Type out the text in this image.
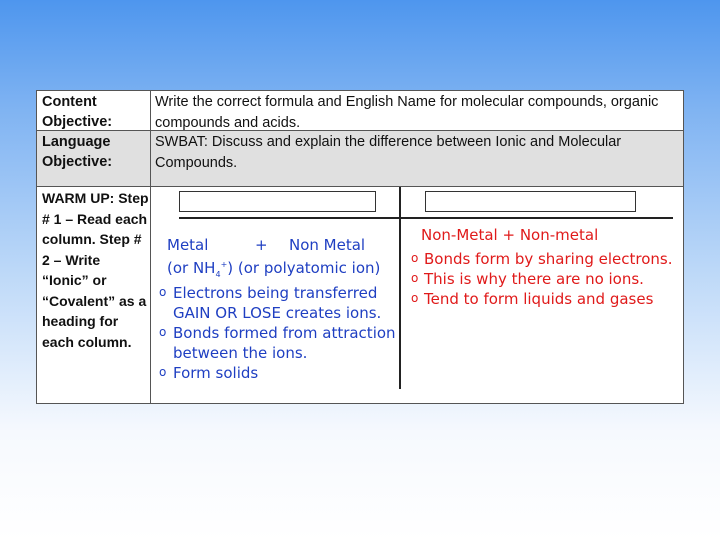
Content Objective:
Write the correct formula and English Name for molecular compounds, organic compounds and acids.
Language Objective:
SWBAT: Discuss and explain the difference between Ionic and Molecular Compounds.
WARM UP: Step # 1 – Read each column. Step # 2 – Write “Ionic” or “Covalent” as a heading for each column.
Metal	+ Non Metal
(or $NH_4^+$) (or polyatomic ion)
o Electrons being transferred GAIN OR LOSE creates ions.
o Bonds formed from attraction between the ions.
o Form solids
Non-Metal + Non-metal
o Bonds form by sharing electrons.
o This is why there are no ions.
o Tend to form liquids and gases
